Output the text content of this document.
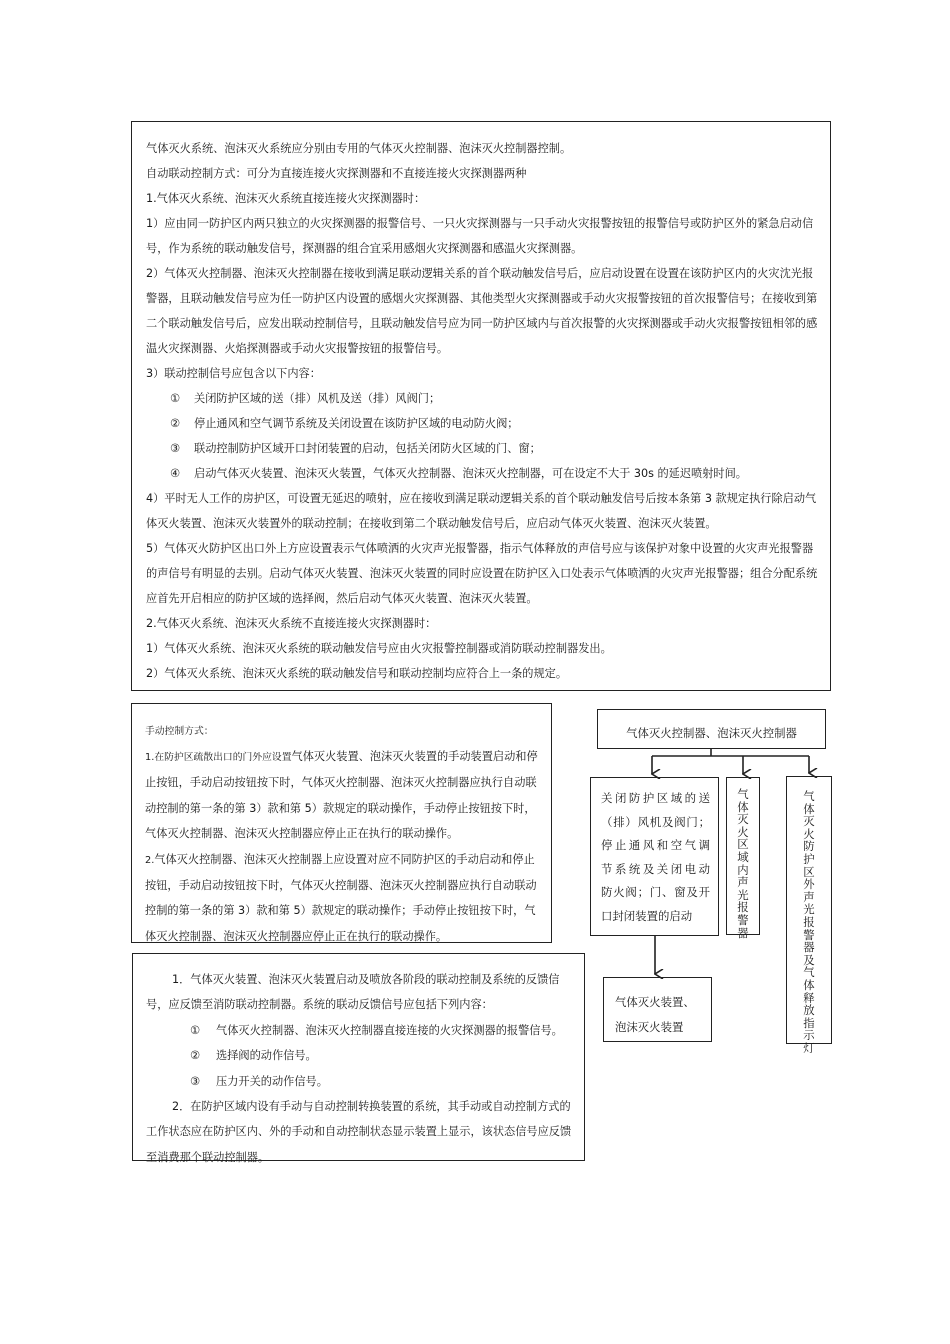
气体灭火系统、泡沫灭火系统应分别由专用的气体灭火控制器、泡沫灭火控制器控制。

自动联动控制方式：可分为直接连接火灾探测器和不直接连接火灾探测器两种

1.气体灭火系统、泡沫灭火系统直接连接火灾探测器时：

1）应由同一防护区内两只独立的火灾探测器的报警信号、一只火灾探测器与一只手动火灾报警按钮的报警信号或防护区外的紧急启动信号，作为系统的联动触发信号，探测器的组合宜采用感烟火灾探测器和感温火灾探测器。

2）气体灭火控制器、泡沫灭火控制器在接收到满足联动逻辑关系的首个联动触发信号后，应启动设置在设置在该防护区内的火灾沈光报警器，且联动触发信号应为任一防护区内设置的感烟火灾探测器、其他类型火灾探测器或手动火灾报警按钮的首次报警信号；在接收到第二个联动触发信号后，应发出联动控制信号，且联动触发信号应为同一防护区域内与首次报警的火灾探测器或手动火灾报警按钮相邻的感温火灾探测器、火焰探测器或手动火灾报警按钮的报警信号。

3）联动控制信号应包含以下内容：

① 关闭防护区域的送（排）风机及送（排）风阀门；

② 停止通风和空气调节系统及关闭设置在该防护区域的电动防火阀；

③ 联动控制防护区域开口封闭装置的启动，包括关闭防火区域的门、窗；

④ 启动气体灭火装置、泡沫灭火装置，气体灭火控制器、泡沫灭火控制器，可在设定不大于 30s 的延迟喷射时间。

4）平时无人工作的房护区，可设置无延迟的喷射，应在接收到满足联动逻辑关系的首个联动触发信号后按本条第 3 款规定执行除启动气体灭火装置、泡沫灭火装置外的联动控制；在接收到第二个联动触发信号后，应启动气体灭火装置、泡沫灭火装置。

5）气体灭火防护区出口外上方应设置表示气体喷洒的火灾声光报警器，指示气体释放的声信号应与该保护对象中设置的火灾声光报警器的声信号有明显的去别。启动气体灭火装置、泡沫灭火装置的同时应设置在防护区入口处表示气体喷洒的火灾声光报警器；组合分配系统应首先开启相应的防护区域的选择阀，然后启动气体灭火装置、泡沫灭火装置。

2.气体灭火系统、泡沫灭火系统不直接连接火灾探测器时：

1）气体灭火系统、泡沫灭火系统的联动触发信号应由火灾报警控制器或消防联动控制器发出。

2）气体灭火系统、泡沫灭火系统的联动触发信号和联动控制均应符合上一条的规定。

手动控制方式：

1.在防护区疏散出口的门外应设置气体灭火装置、泡沫灭火装置的手动装置启动和停止按钮，手动启动按钮按下时，气体灭火控制器、泡沫灭火控制器应执行自动联动控制的第一条的第 3）款和第 5）款规定的联动操作，手动停止按钮按下时，气体灭火控制器、泡沫灭火控制器应停止正在执行的联动操作。

2.气体灭火控制器、泡沫灭火控制器上应设置对应不同防护区的手动启动和停止按钮，手动启动按钮按下时，气体灭火控制器、泡沫灭火控制器应执行自动联动控制的第一条的第 3）款和第 5）款规定的联动操作；手动停止按钮按下时，气体灭火控制器、泡沫灭火控制器应停止正在执行的联动操作。

1．气体灭火装置、泡沫灭火装置启动及喷放各阶段的联动控制及系统的反馈信号，应反馈至消防联动控制器。系统的联动反馈信号应包括下列内容：

① 气体灭火控制器、泡沫灭火控制器直接连接的火灾探测器的报警信号。

② 选择阀的动作信号。

③ 压力开关的动作信号。

2．在防护区域内设有手动与自动控制转换装置的系统，其手动或自动控制方式的工作状态应在防护区内、外的手动和自动控制状态显示装置上显示，该状态信号应反馈至消费那个联动控制器。

气体灭火控制器、泡沫灭火控制器

关闭防护区域的送

（排）风机及阀门；

停止通风和空气调

节系统及关闭电动

防火阀；门、窗及开

口封闭装置的启动

气体灭火装置、

泡沫灭火装置

气
体
灭
火
区
域
内
声
光
报
警
器
气
体
灭
火
防
护
区
外
声
光
报
警
器
及
气
体
释
放
指
示
灯
